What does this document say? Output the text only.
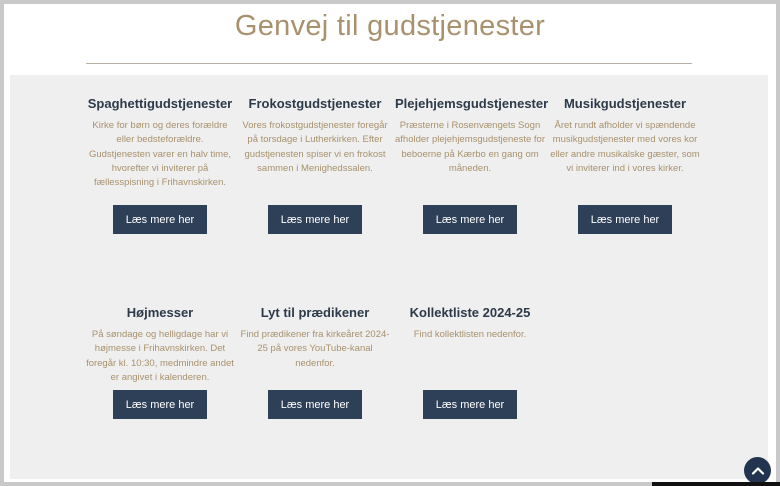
Genvej til gudstjenester
Spaghettigudstjenester
Kirke for børn og deres forældre eller bedsteforældre. Gudstjenesten varer en halv time, hvorefter vi inviterer på fællesspisning i Frihavnskirken.
Læs mere her
Frokostgudstjenester
Vores frokostgudstjenester foregår på torsdage i Lutherkirken. Efter gudstjenesten spiser vi en frokost sammen i Menighedssalen.
Læs mere her
Plejehjemsgudstjenester
Præsterne i Rosenvængets Sogn afholder plejehjemsgudstjeneste for beboerne på Kærbo en gang om måneden.
Læs mere her
Musikgudstjenester
Året rundt afholder vi spændende musikgudstjenester med vores kor eller andre musikalske gæster, som vi inviterer ind i vores kirker.
Læs mere her
Højmesser
På søndage og helligdage har vi højmesse i Frihavnskirken. Det foregår kl. 10:30, medmindre andet er angivet i kalenderen.
Læs mere her
Lyt til prædikener
Find prædikener fra kirkeåret 2024-25 på vores YouTube-kanal nedenfor.
Læs mere her
Kollektliste 2024-25
Find kollektlisten nedenfor.
Læs mere her
